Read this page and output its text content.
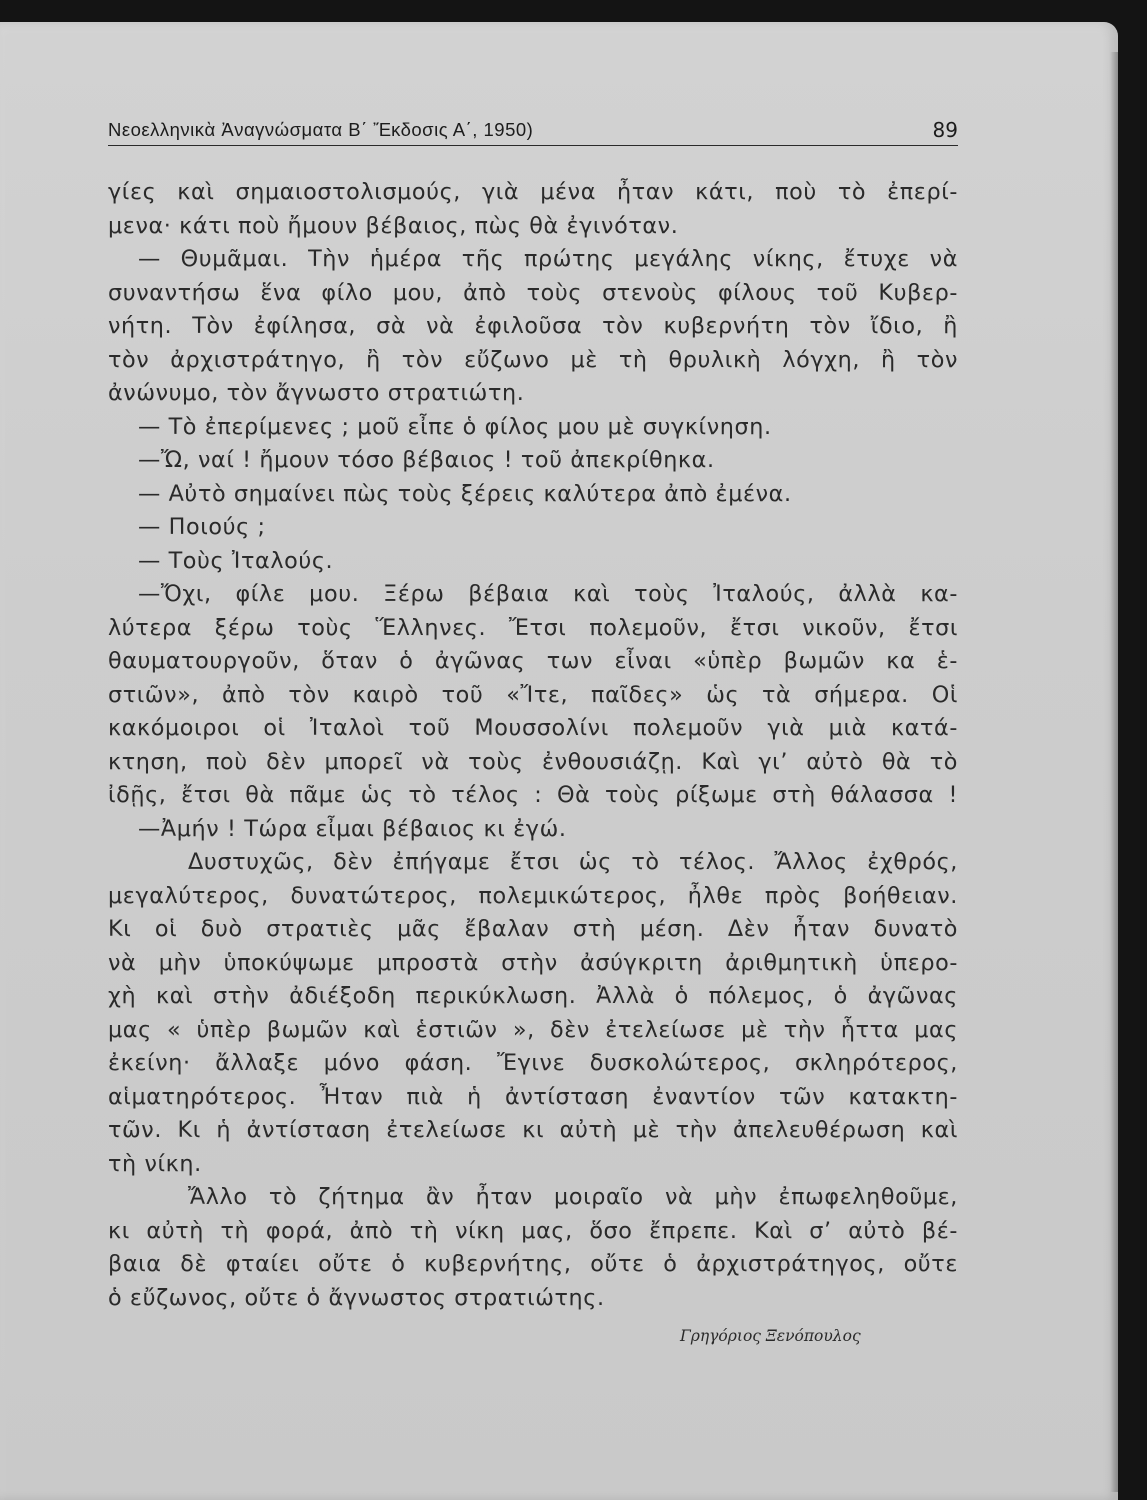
Νεοελληνικὰ Ἀναγνώσματα Β΄ Ἔκδοσις Α΄, 1950)	89
γίες καὶ σημαιοστολισμούς, γιὰ μένα ἦταν κάτι, ποὺ τὸ ἐπερί-
μενα· κάτι ποὺ ἤμουν βέβαιος, πὼς θὰ ἐγινόταν.
— Θυμᾶμαι. Τὴν ἡμέρα τῆς πρώτης μεγάλης νίκης, ἔτυχε νὰ
συναντήσω ἕνα φίλο μου, ἀπὸ τοὺς στενοὺς φίλους τοῦ Κυβερ-
νήτη. Τὸν ἐφίλησα, σὰ νὰ ἐφιλοῦσα τὸν κυβερνήτη τὸν ἴδιο, ἢ
τὸν ἀρχιστράτηγο, ἢ τὸν εὔζωνο μὲ τὴ θρυλικὴ λόγχη, ἢ τὸν
ἀνώνυμο, τὸν ἄγνωστο στρατιώτη.
— Τὸ ἐπερίμενες ; μοῦ εἶπε ὁ φίλος μου μὲ συγκίνηση.
—Ὤ, ναί ! ἤμουν τόσο βέβαιος ! τοῦ ἀπεκρίθηκα.
— Αὐτὸ σημαίνει πὼς τοὺς ξέρεις καλύτερα ἀπὸ ἐμένα.
— Ποιούς ;
— Τοὺς Ἰταλούς.
—Ὄχι, φίλε μου. Ξέρω βέβαια καὶ τοὺς Ἰταλούς, ἀλλὰ κα-
λύτερα ξέρω τοὺς Ἕλληνες. Ἔτσι πολεμοῦν, ἔτσι νικοῦν, ἔτσι
θαυματουργοῦν, ὅταν ὁ ἀγῶνας των εἶναι «ὑπὲρ βωμῶν κα ἑ-
στιῶν», ἀπὸ τὸν καιρὸ τοῦ «Ἴτε, παῖδες» ὡς τὰ σήμερα. Οἱ
κακόμοιροι οἱ Ἰταλοὶ τοῦ Μουσσολίνι πολεμοῦν γιὰ μιὰ κατά-
κτηση, ποὺ δὲν μπορεῖ νὰ τοὺς ἐνθουσιάζῃ. Καὶ γι’ αὐτὸ θὰ τὸ
ἰδῇς, ἔτσι θὰ πᾶμε ὡς τὸ τέλος : Θὰ τοὺς ρίξωμε στὴ θάλασσα !
—Ἀμήν ! Τώρα εἶμαι βέβαιος κι ἐγώ.
Δυστυχῶς, δὲν ἐπήγαμε ἔτσι ὡς τὸ τέλος. Ἄλλος ἐχθρός,
μεγαλύτερος, δυνατώτερος, πολεμικώτερος, ἦλθε πρὸς βοήθειαν.
Κι οἱ δυὸ στρατιὲς μᾶς ἔβαλαν στὴ μέση. Δὲν ἦταν δυνατὸ
νὰ μὴν ὑποκύψωμε μπροστὰ στὴν ἀσύγκριτη ἀριθμητικὴ ὑπερο-
χὴ καὶ στὴν ἀδιέξοδη περικύκλωση. Ἀλλὰ ὁ πόλεμος, ὁ ἀγῶνας
μας « ὑπὲρ βωμῶν καὶ ἑστιῶν », δὲν ἐτελείωσε μὲ τὴν ἧττα μας
ἐκείνη· ἄλλαξε μόνο φάση. Ἔγινε δυσκολώτερος, σκληρότερος,
αἱματηρότερος. Ἦταν πιὰ ἡ ἀντίσταση ἐναντίον τῶν κατακτη-
τῶν. Κι ἡ ἀντίσταση ἐτελείωσε κι αὐτὴ μὲ τὴν ἀπελευθέρωση καὶ
τὴ νίκη.
Ἄλλο τὸ ζήτημα ἂν ἦταν μοιραῖο νὰ μὴν ἐπωφεληθοῦμε,
κι αὐτὴ τὴ φορά, ἀπὸ τὴ νίκη μας, ὅσο ἔπρεπε. Καὶ σ’ αὐτὸ βέ-
βαια δὲ φταίει οὔτε ὁ κυβερνήτης, οὔτε ὁ ἀρχιστράτηγος, οὔτε
ὁ εὔζωνος, οὔτε ὁ ἄγνωστος στρατιώτης.
Γρηγόριος Ξενόπουλος
